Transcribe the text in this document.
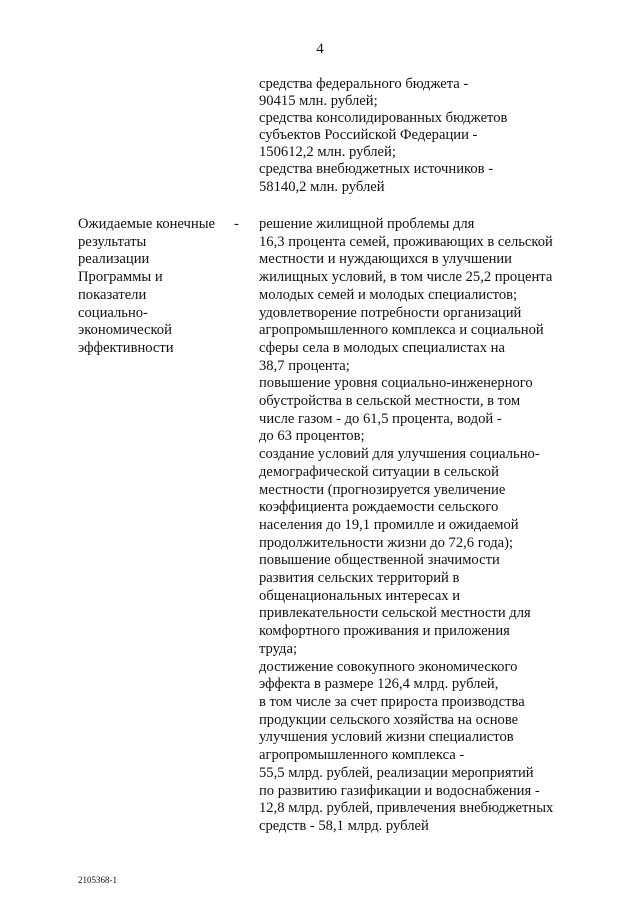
4
средства федерального бюджета -
90415 млн. рублей;
средства консолидированных бюджетов
субъектов Российской Федерации -
150612,2 млн. рублей;
средства внебюджетных источников -
58140,2 млн. рублей
Ожидаемые конечные
результаты
реализации
Программы и
показатели
социально-
экономической
эффективности
- решение жилищной проблемы для
16,3 процента семей, проживающих в сельской
местности и нуждающихся в улучшении
жилищных условий, в том числе 25,2 процента
молодых семей и молодых специалистов;
удовлетворение потребности организаций
агропромышленного комплекса и социальной
сферы села в молодых специалистах на
38,7 процента;
повышение уровня социально-инженерного
обустройства в сельской местности, в том
числе газом - до 61,5 процента, водой -
до 63 процентов;
создание условий для улучшения социально-
демографической ситуации в сельской
местности (прогнозируется увеличение
коэффициента рождаемости сельского
населения до 19,1 промилле и ожидаемой
продолжительности жизни до 72,6 года);
повышение общественной значимости
развития сельских территорий в
общенациональных интересах и
привлекательности сельской местности для
комфортного проживания и приложения
труда;
достижение совокупного экономического
эффекта в размере 126,4 млрд. рублей,
в том числе за счет прироста производства
продукции сельского хозяйства на основе
улучшения условий жизни специалистов
агропромышленного комплекса -
55,5 млрд. рублей, реализации мероприятий
по развитию газификации и водоснабжения -
12,8 млрд. рублей, привлечения внебюджетных
средств - 58,1 млрд. рублей
2105368-1
